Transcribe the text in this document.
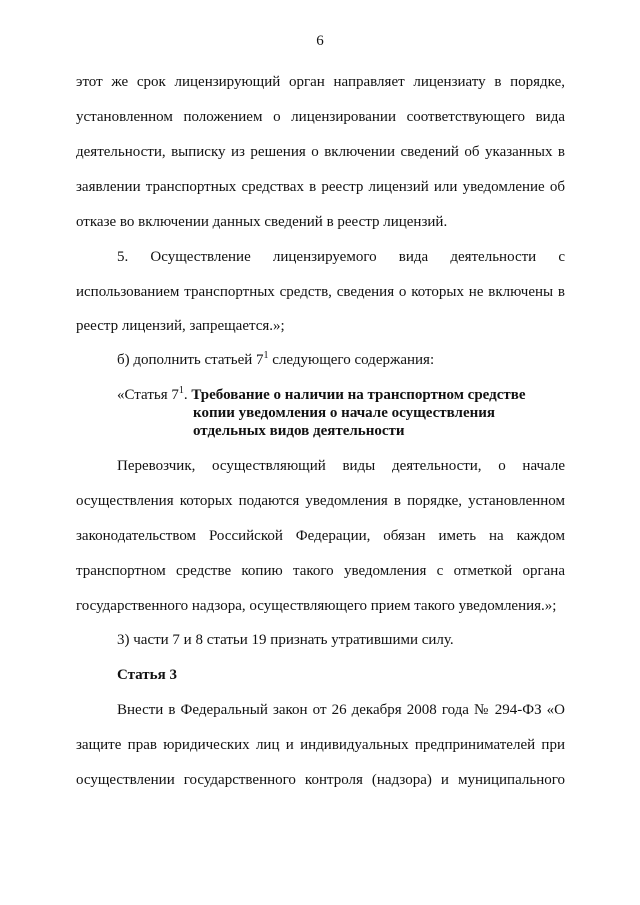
6
этот же срок лицензирующий орган направляет лицензиату в порядке,
установленном положением о лицензировании соответствующего вида
деятельности, выписку из решения о включении сведений об указанных в
заявлении транспортных средствах в реестр лицензий или уведомление об
отказе во включении данных сведений в реестр лицензий.
5. Осуществление лицензируемого вида деятельности с
использованием транспортных средств, сведения о которых не включены в
реестр лицензий, запрещается.»;
б) дополнить статьей $7^1$ следующего содержания:
«Статья $7^1$. Требование о наличии на транспортном средстве
копии уведомления о начале осуществления
отдельных видов деятельности
Перевозчик, осуществляющий виды деятельности, о начале
осуществления которых подаются уведомления в порядке, установленном
законодательством Российской Федерации, обязан иметь на каждом
транспортном средстве копию такого уведомления с отметкой органа
государственного надзора, осуществляющего прием такого уведомления.»;
3) части 7 и 8 статьи 19 признать утратившими силу.
Статья 3
Внести в Федеральный закон от 26 декабря 2008 года № 294-ФЗ «О
защите прав юридических лиц и индивидуальных предпринимателей при
осуществлении государственного контроля (надзора) и муниципального
